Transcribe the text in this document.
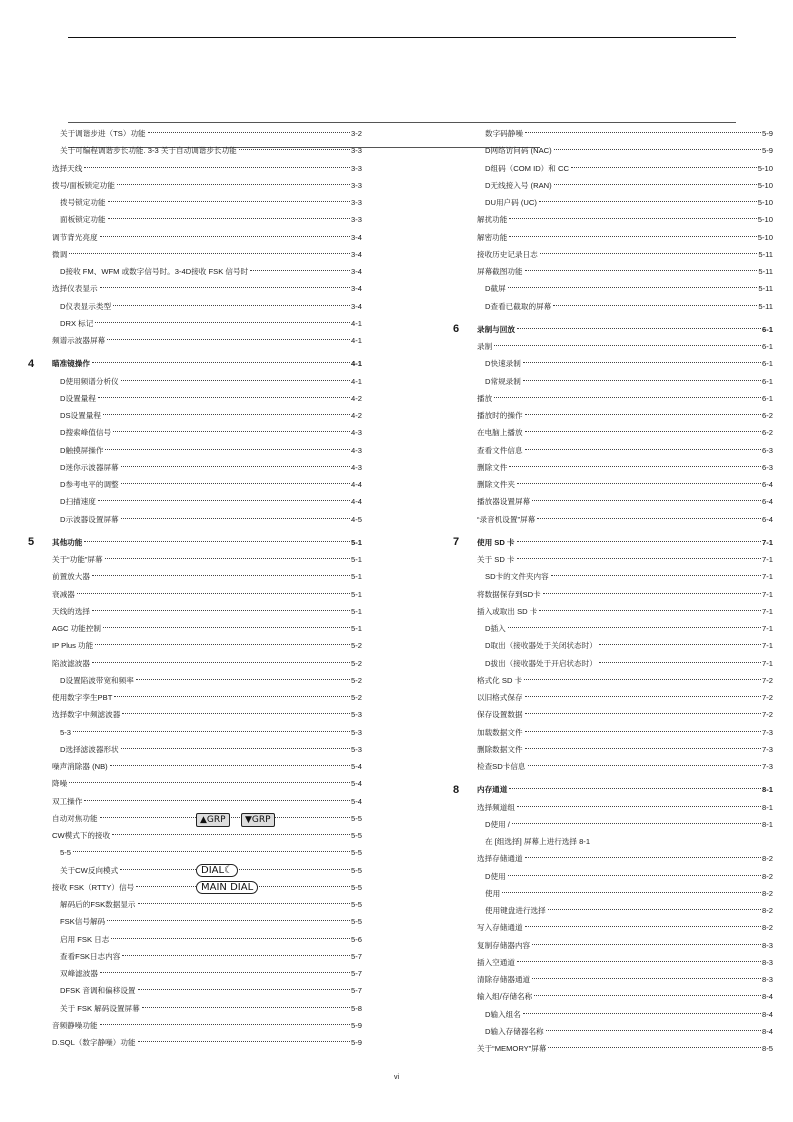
关于调谐步进（TS）功能	3-2
关于可编程调谐步长功能. 3-3 关于自动调谐步长功能	3-3
选择天线	3-3
拨号/面板锁定功能	3-3
拨号锁定功能	3-3
面板锁定功能	3-3
调节背光亮度	3-4
微调	3-4
D接收 FM、WFM 或数字信号时。3-4D接收 FSK 信号时	3-4
选择仪表显示	3-4
D仪表显示类型	3-4
DRX 标记	4-1
频谱示波器屏幕	4-1
4 瞄准镜操作	4-1
D使用频谱分析仪	4-1
D设置量程	4-2
DS设置量程	4-2
D搜索峰值信号	4-3
D触摸屏操作	4-3
D迷你示波器屏幕	4-3
D参考电平的调整	4-4
D扫描速度	4-4
D示波器设置屏幕	4-5
5 其他功能	5-1
关于“功能”屏幕	5-1
前置放大器	5-1
衰减器	5-1
天线的选择	5-1
AGC 功能控制	5-1
IP Plus 功能	5-2
陷波滤波器	5-2
D设置陷波带宽和频率	5-2
使用数字孪生PBT	5-2
选择数字中频滤波器	5-3
5-3	5-3
D选择滤波器形状	5-3
噪声消除器 (NB)	5-4
降噪	5-4
双工操作	5-4
自动对焦功能	5-5
CW模式下的接收	5-5
5-5	5-5
关于CW反向模式	5-5
接收 FSK（RTTY）信号	5-5
解码后的FSK数据显示	5-5
FSK信号解码	5-5
启用 FSK 日志	5-6
查看FSK日志内容	5-7
双峰滤波器	5-7
DFSK 音调和偏移设置	5-7
关于 FSK 解码设置屏幕	5-8
音频静噪功能	5-9
D.SQL（数字静噪）功能	5-9
数字码静噪	5-9
D网络访问码 (NAC)	5-9
D组码（COM ID）和 CC	5-10
D无线接入号 (RAN)	5-10
DU用户码 (UC)	5-10
解扰功能	5-10
解密功能	5-10
接收历史记录日志	5-11
屏幕截图功能	5-11
D截屏	5-11
D查看已截取的屏幕	5-11
6 录制与回放	6-1
录制	6-1
D快速录制	6-1
D常规录制	6-1
播放	6-1
播放时的操作	6-2
在电脑上播放	6-2
查看文件信息	6-3
删除文件	6-3
删除文件夹	6-4
播放器设置屏幕	6-4
“录音机设置”屏幕	6-4
7 使用 SD 卡	7-1
关于 SD 卡	7-1
SD卡的文件夹内容	7-1
将数据保存到SD卡	7-1
插入或取出 SD 卡	7-1
D插入	7-1
D取出（接收器处于关闭状态时）	7-1
D拔出（接收器处于开启状态时）	7-1
格式化 SD 卡	7-2
以旧格式保存	7-2
保存设置数据	7-2
加载数据文件	7-3
删除数据文件	7-3
检查SD卡信息	7-3
8 内存通道	8-1
选择频道组	8-1
D使用 /	8-1
在 [组选择] 屏幕上进行选择 8-1
选择存储通道	8-2
D使用	8-2
使用	8-2
使用键盘进行选择	8-2
写入存储通道	8-2
复制存储器内容	8-3
插入空通道	8-3
清除存储器通道	8-3
输入组/存储名称	8-4
D输入组名	8-4
D输入存储器名称	8-4
关于“MEMORY”屏幕	8-5
▲GRP	▼GRP
DIAL☾
MAIN DIAL
vi
